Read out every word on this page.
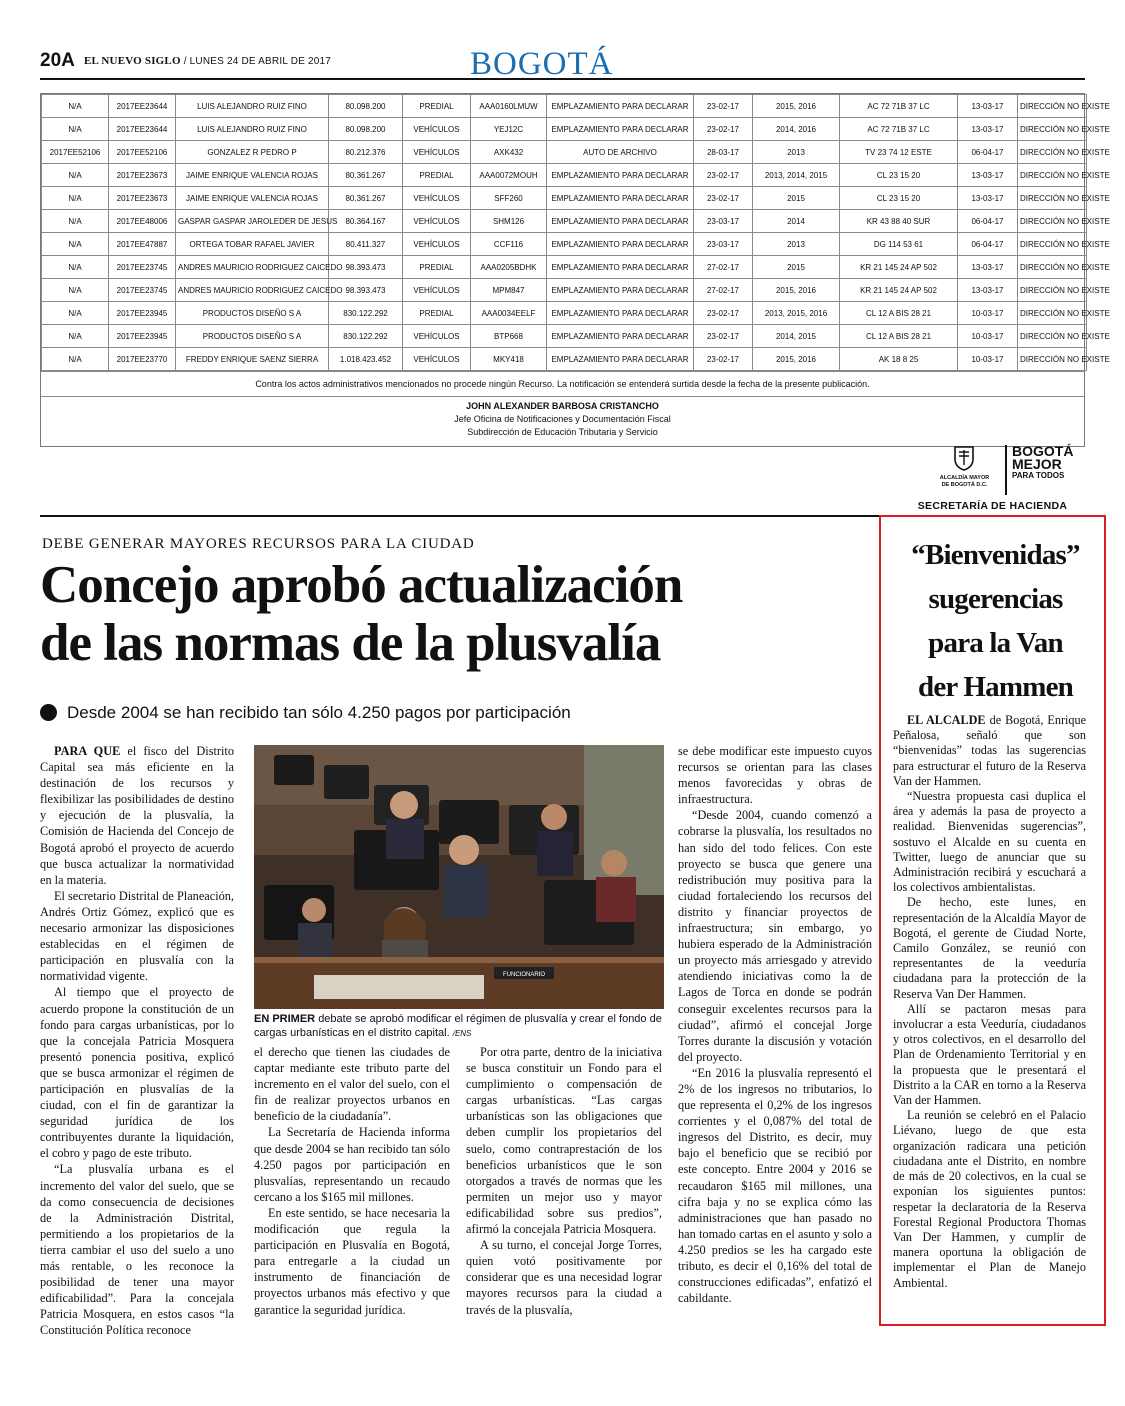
20A EL NUEVO SIGLO / LUNES 24 DE ABRIL DE 2017	BOGOTÁ
N/A	2017EE23644	LUIS ALEJANDRO RUIZ FINO	80.098.200	PREDIAL	AAA0160LMUW	EMPLAZAMIENTO PARA DECLARAR	23-02-17	2015, 2016	AC 72 71B 37 LC	13-03-17	DIRECCIÓN NO EXISTE
N/A	2017EE23644	LUIS ALEJANDRO RUIZ FINO	80.098.200	VEHÍCULOS	YEJ12C	EMPLAZAMIENTO PARA DECLARAR	23-02-17	2014, 2016	AC 72 71B 37 LC	13-03-17	DIRECCIÓN NO EXISTE
2017EE52106	2017EE52106	GONZALEZ R PEDRO P	80.212.376	VEHÍCULOS	AXK432	AUTO DE ARCHIVO	28-03-17	2013	TV 23 74 12 ESTE	06-04-17	DIRECCIÓN NO EXISTE
N/A	2017EE23673	JAIME ENRIQUE VALENCIA ROJAS	80.361.267	PREDIAL	AAA0072MOUH	EMPLAZAMIENTO PARA DECLARAR	23-02-17	2013, 2014, 2015	CL 23 15 20	13-03-17	DIRECCIÓN NO EXISTE
N/A	2017EE23673	JAIME ENRIQUE VALENCIA ROJAS	80.361.267	VEHÍCULOS	SFF260	EMPLAZAMIENTO PARA DECLARAR	23-02-17	2015	CL 23 15 20	13-03-17	DIRECCIÓN NO EXISTE
N/A	2017EE48006	GASPAR GASPAR JAROLEDER DE JESUS	80.364.167	VEHÍCULOS	SHM126	EMPLAZAMIENTO PARA DECLARAR	23-03-17	2014	KR 43 88 40 SUR	06-04-17	DIRECCIÓN NO EXISTE
N/A	2017EE47887	ORTEGA TOBAR RAFAEL JAVIER	80.411.327	VEHÍCULOS	CCF116	EMPLAZAMIENTO PARA DECLARAR	23-03-17	2013	DG 114 53 61	06-04-17	DIRECCIÓN NO EXISTE
N/A	2017EE23745	ANDRES MAURICIO RODRIGUEZ CAICEDO	98.393.473	PREDIAL	AAA0205BDHK	EMPLAZAMIENTO PARA DECLARAR	27-02-17	2015	KR 21 145 24 AP 502	13-03-17	DIRECCIÓN NO EXISTE
N/A	2017EE23745	ANDRES MAURICIO RODRIGUEZ CAICEDO	98.393.473	VEHÍCULOS	MPM847	EMPLAZAMIENTO PARA DECLARAR	27-02-17	2015, 2016	KR 21 145 24 AP 502	13-03-17	DIRECCIÓN NO EXISTE
N/A	2017EE23945	PRODUCTOS DISEÑO S A	830.122.292	PREDIAL	AAA0034EELF	EMPLAZAMIENTO PARA DECLARAR	23-02-17	2013, 2015, 2016	CL 12 A BIS 28 21	10-03-17	DIRECCIÓN NO EXISTE
N/A	2017EE23945	PRODUCTOS DISEÑO S A	830.122.292	VEHÍCULOS	BTP668	EMPLAZAMIENTO PARA DECLARAR	23-02-17	2014, 2015	CL 12 A BIS 28 21	10-03-17	DIRECCIÓN NO EXISTE
N/A	2017EE23770	FREDDY ENRIQUE SAENZ SIERRA	1.018.423.452	VEHÍCULOS	MKY418	EMPLAZAMIENTO PARA DECLARAR	23-02-17	2015, 2016	AK 18 8 25	10-03-17	DIRECCIÓN NO EXISTE
Contra los actos administrativos mencionados no procede ningún Recurso. La notificación se entenderá surtida desde la fecha de la presente publicación.
JOHN ALEXANDER BARBOSA CRISTANCHO
Jefe Oficina de Notificaciones y Documentación Fiscal
Subdirección de Educación Tributaria y Servicio
ALCALDÍA MAYOR
DE BOGOTÁ D.C.
BOGOTÁ
MEJOR
PARA TODOS
SECRETARÍA DE HACIENDA
DEBE GENERAR MAYORES RECURSOS PARA LA CIUDAD
Concejo aprobó actualización
de las normas de la plusvalía
Desde 2004 se han recibido tan sólo 4.250 pagos por participación

PARA QUE el fisco del Distrito Capital sea más eficiente en la destinación de los recursos y flexibilizar las posibilidades de destino y ejecución de la plusvalía, la Comisión de Hacienda del Concejo de Bogotá aprobó el proyecto de acuerdo que busca actualizar la normatividad en la materia.

El secretario Distrital de Planeación, Andrés Ortiz Gómez, explicó que es necesario armonizar las disposiciones establecidas en el régimen de participación en plusvalía con la normatividad vigente.

Al tiempo que el proyecto de acuerdo propone la constitución de un fondo para cargas urbanísticas, por lo que la concejala Patricia Mosquera presentó ponencia positiva, explicó que se busca armonizar el régimen de participación en plusvalías de la ciudad, con el fin de garantizar la seguridad jurídica de los contribuyentes durante la liquidación, el cobro y pago de este tributo.

“La plusvalía urbana es el incremento del valor del suelo, que se da como consecuencia de decisiones de la Administración Distrital, permitiendo a los propietarios de la tierra cambiar el uso del suelo a uno más rentable, o les reconoce la posibilidad de tener una mayor edificabilidad”. Para la concejala Patricia Mosquera, en estos casos “la Constitución Política reconoce

FUNCIONARIO
EN PRIMER debate se aprobó modificar el régimen de plusvalía y crear el fondo de cargas urbanísticas en el distrito capital. /ENS

el derecho que tienen las ciudades de captar mediante este tributo parte del incremento en el valor del suelo, con el fin de realizar proyectos urbanos en beneficio de la ciudadanía”.

La Secretaría de Hacienda informa que desde 2004 se han recibido tan sólo 4.250 pagos por participación en plusvalías, representando un recaudo cercano a los $165 mil millones.

En este sentido, se hace necesaria la modificación que regula la participación en Plusvalía en Bogotá, para entregarle a la ciudad un instrumento de financiación de proyectos urbanos más efectivo y que garantice la seguridad jurídica.

Por otra parte, dentro de la iniciativa se busca constituir un Fondo para el cumplimiento o compensación de cargas urbanísticas. “Las cargas urbanísticas son las obligaciones que deben cumplir los propietarios del suelo, como contraprestación de los beneficios urbanísticos que le son otorgados a través de normas que les permiten un mejor uso y mayor edificabilidad sobre sus predios”, afirmó la concejala Patricia Mosquera.

A su turno, el concejal Jorge Torres, quien votó positivamente por considerar que es una necesidad lograr mayores recursos para la ciudad a través de la plusvalía,

se debe modificar este impuesto cuyos recursos se orientan para las clases menos favorecidas y obras de infraestructura.

“Desde 2004, cuando comenzó a cobrarse la plusvalía, los resultados no han sido del todo felices. Con este proyecto se busca que genere una redistribución muy positiva para la ciudad fortaleciendo los recursos del distrito y financiar proyectos de infraestructura; sin embargo, yo hubiera esperado de la Administración un proyecto más arriesgado y atrevido atendiendo iniciativas como la de Lagos de Torca en donde se podrán conseguir excelentes recursos para la ciudad”, afirmó el concejal Jorge Torres durante la discusión y votación del proyecto.

“En 2016 la plusvalía representó el 2% de los ingresos no tributarios, lo que representa el 0,2% de los ingresos corrientes y el 0,087% del total de ingresos del Distrito, es decir, muy bajo el beneficio que se recibió por este concepto. Entre 2004 y 2016 se recaudaron $165 mil millones, una cifra baja y no se explica cómo las administraciones que han pasado no han tomado cartas en el asunto y solo a 4.250 predios se les ha cargado este tributo, es decir el 0,16% del total de construcciones edificadas”, enfatizó el cabildante.

“Bienvenidas”
sugerencias
para la Van
der Hammen

EL ALCALDE de Bogotá, Enrique Peñalosa, señaló que son “bienvenidas” todas las sugerencias para estructurar el futuro de la Reserva Van der Hammen.

“Nuestra propuesta casi duplica el área y además la pasa de proyecto a realidad. Bienvenidas sugerencias”, sostuvo el Alcalde en su cuenta en Twitter, luego de anunciar que su Administración recibirá y escuchará a los colectivos ambientalistas.

De hecho, este lunes, en representación de la Alcaldía Mayor de Bogotá, el gerente de Ciudad Norte, Camilo González, se reunió con representantes de la veeduría ciudadana para la protección de la Reserva Van Der Hammen.

Allí se pactaron mesas para involucrar a esta Veeduría, ciudadanos y otros colectivos, en el desarrollo del Plan de Ordenamiento Territorial y en la propuesta que le presentará el Distrito a la CAR en torno a la Reserva Van der Hammen.

La reunión se celebró en el Palacio Liévano, luego de que esta organización radicara una petición ciudadana ante el Distrito, en nombre de más de 20 colectivos, en la cual se exponían los siguientes puntos: respetar la declaratoria de la Reserva Forestal Regional Productora Thomas Van Der Hammen, y cumplir de manera oportuna la obligación de implementar el Plan de Manejo Ambiental.
